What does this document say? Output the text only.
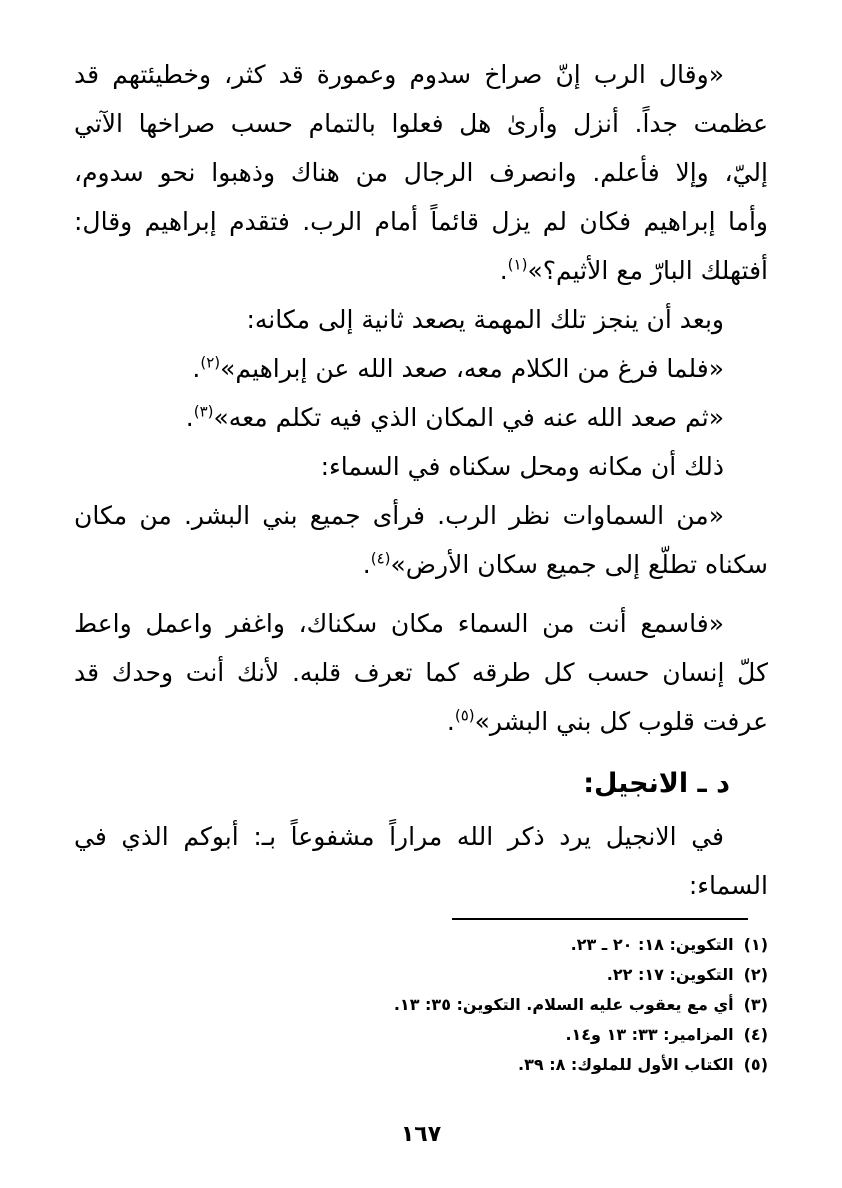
«وقال الرب إنّ صراخ سدوم وعمورة قد كثر، وخطيئتهم قد
عظمت جداً. أنزل وأرىٰ هل فعلوا بالتمام حسب صراخها الآتي
إليّ، وإلا فأعلم. وانصرف الرجال من هناك وذهبوا نحو سدوم،
وأما إبراهيم فكان لم يزل قائماً أمام الرب. فتقدم إبراهيم وقال:
أفتهلك البارّ مع الأثيم؟»$^{(١)}$.
وبعد أن ينجز تلك المهمة يصعد ثانية إلى مكانه:
«فلما فرغ من الكلام معه، صعد الله عن إبراهيم»$^{(٢)}$.
«ثم صعد الله عنه في المكان الذي فيه تكلم معه»$^{(٣)}$.
ذلك أن مكانه ومحل سكناه في السماء:
«من السماوات نظر الرب. فرأى جميع بني البشر. من مكان
سكناه تطلّع إلى جميع سكان الأرض»$^{(٤)}$.
«فاسمع أنت من السماء مكان سكناك، واغفر واعمل واعط
كلّ إنسان حسب كل طرقه كما تعرف قلبه. لأنك أنت وحدك قد
عرفت قلوب كل بني البشر»$^{(٥)}$.
د ـ الانجيل:
في الانجيل يرد ذكر الله مراراً مشفوعاً بـ: أبوكم الذي في
السماء:
(١)التكوين: ١٨: ٢٠ ـ ٢٣.
(٢)التكوين: ١٧: ٢٢.
(٣)أي مع يعقوب عليه السلام. التكوين: ٣٥: ١٣.
(٤)المزامير: ٣٣: ١٣ و١٤.
(٥)الكتاب الأول للملوك: ٨: ٣٩.
١٦٧
